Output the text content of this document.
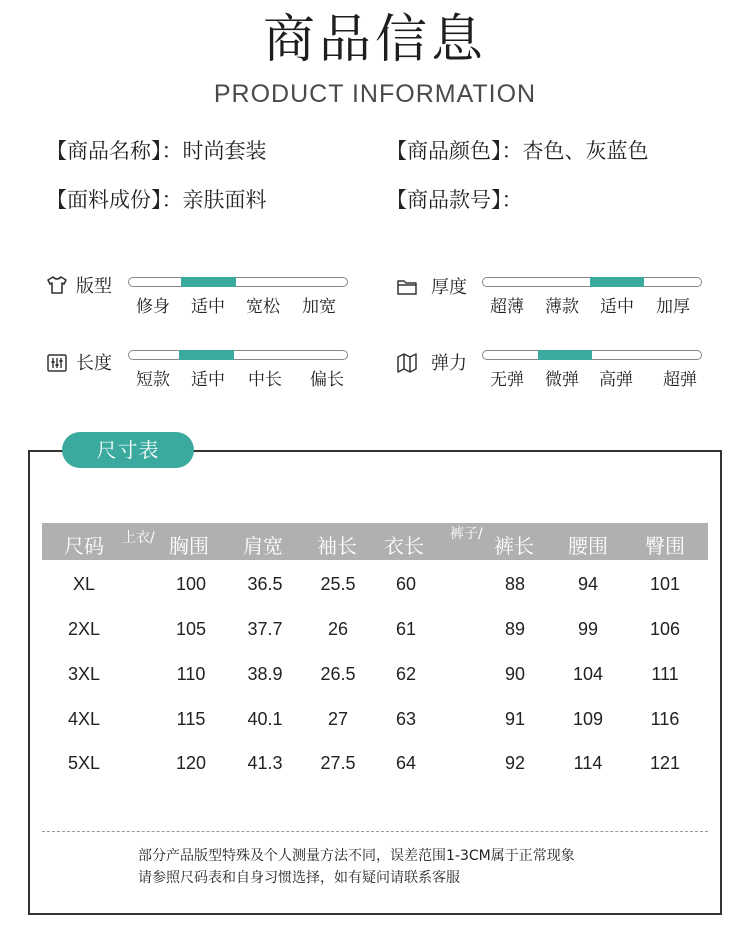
商品信息
PRODUCT INFORMATION
【商品名称】：时尚套装	【商品颜色】：杏色、灰蓝色
【面料成份】：亲肤面料	【商品款号】：
版型
修身 适中 宽松 加宽
厚度
超薄 薄款 适中 加厚
长度
短款 适中 中长 偏长
弹力
无弹 微弹 高弹 超弹
尺寸表
尺码 上衣/ 胸围 肩宽 袖长 衣长 裤子/ 裤长 腰围 臀围
XL	100	36.5	25.5	60	88	94	101
2XL	105	37.7	26	61	89	99	106
3XL	110	38.9	26.5	62	90	104	111
4XL	115	40.1	27	63	91	109	116
5XL	120	41.3	27.5	64	92	114	121
部分产品版型特殊及个人测量方法不同，误差范围1-3CM属于正常现象
请参照尺码表和自身习惯选择，如有疑问请联系客服
